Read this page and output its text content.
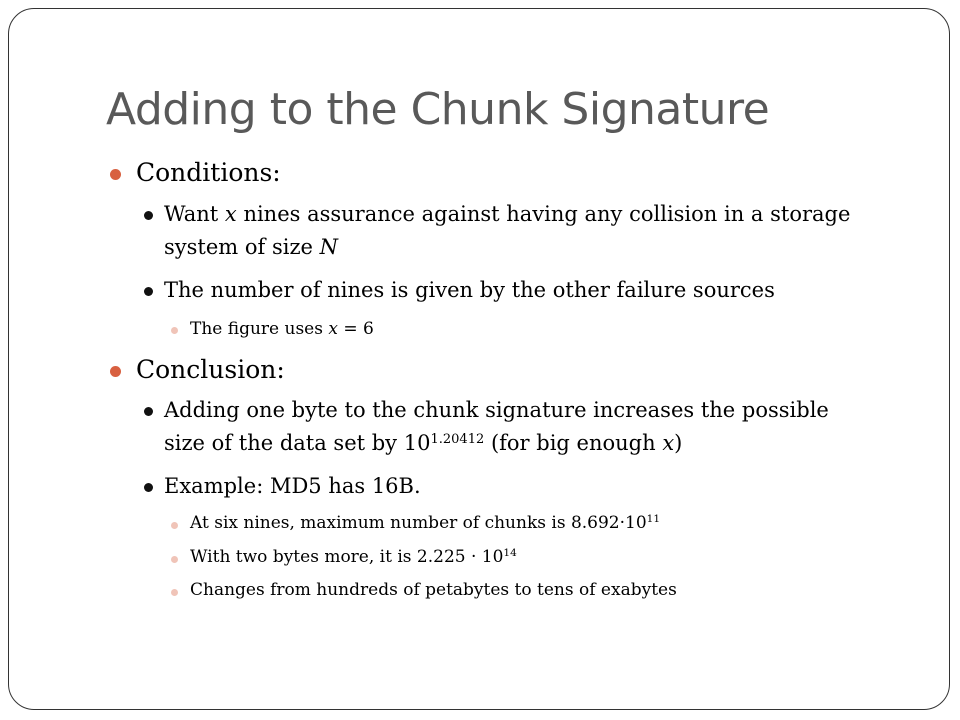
Adding to the Chunk Signature
Conditions:
Want x nines assurance against having any collision in a storage
system of size N
The number of nines is given by the other failure sources
The figure uses x = 6
Conclusion:
Adding one byte to the chunk signature increases the possible
size of the data set by $10^{1.20412}$ (for big enough x)
Example: MD5 has 16B.
At six nines, maximum number of chunks is $8.692\cdot 10^{11}$
With two bytes more, it is $2.225 \cdot 10^{14}$
Changes from hundreds of petabytes to tens of exabytes
